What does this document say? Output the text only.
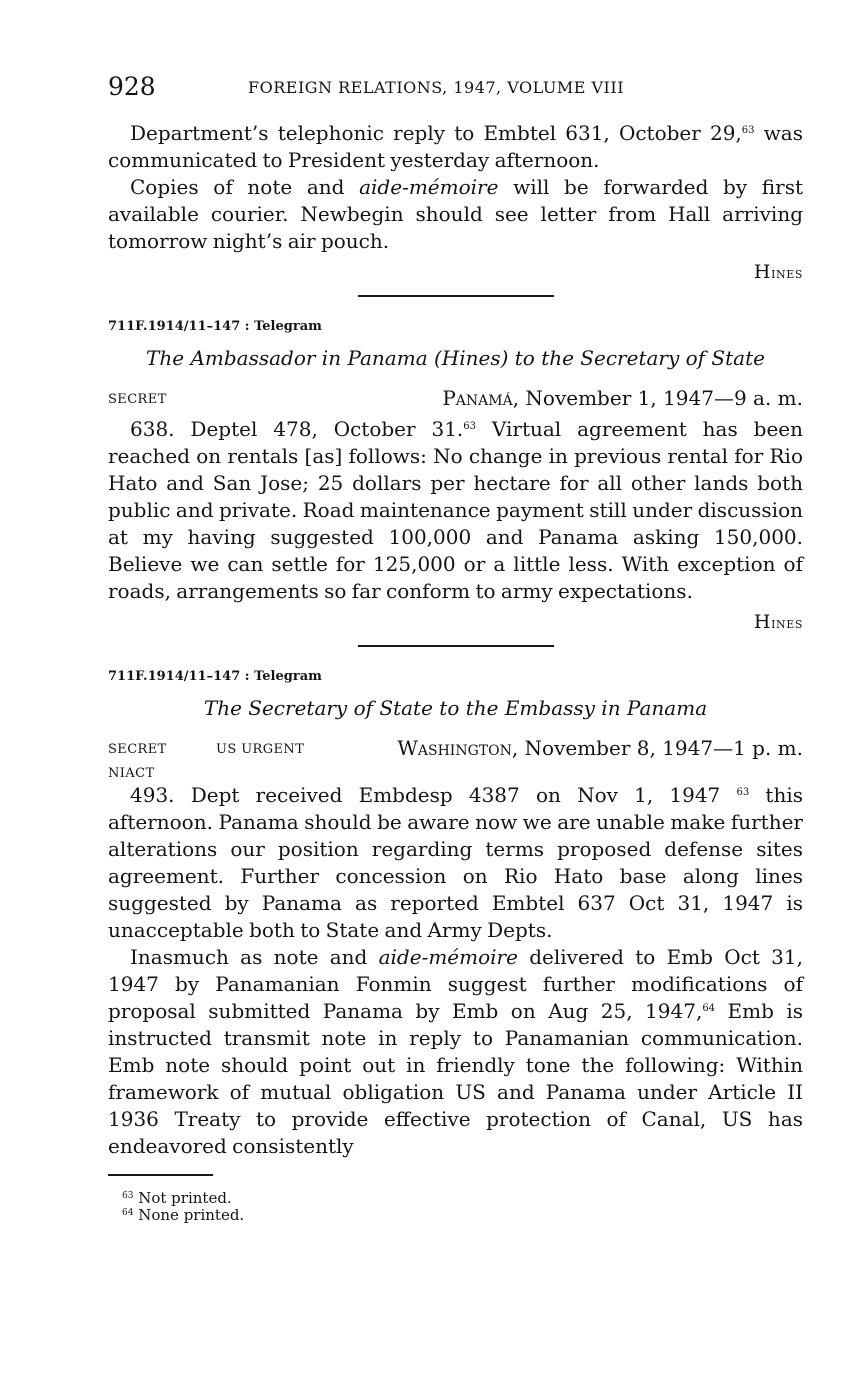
928	FOREIGN RELATIONS, 1947, VOLUME VIII

Department’s telephonic reply to Embtel 631, October 29,63 was communicated to President yesterday afternoon.

Copies of note and aide-mémoire will be forwarded by first available courier. Newbegin should see letter from Hall arriving tomorrow night’s air pouch.

Hines
711F.1914/11–147 : Telegram
The Ambassador in Panama (Hines) to the Secretary of State
SECRET	Panamá, November 1, 1947—9 a. m.

638. Deptel 478, October 31.63 Virtual agreement has been reached on rentals [as] follows: No change in previous rental for Rio Hato and San Jose; 25 dollars per hectare for all other lands both public and private. Road maintenance payment still under discussion at my having suggested 100,000 and Panama asking 150,000. Believe we can settle for 125,000 or a little less. With exception of roads, arrangements so far conform to army expectations.

Hines
711F.1914/11–147 : Telegram
The Secretary of State to the Embassy in Panama
SECRET
NIACT
US URGENT	Washington, November 8, 1947—1 p. m.

493. Dept received Embdesp 4387 on Nov 1, 1947 $^{63}$ this afternoon. Panama should be aware now we are unable make further alterations our position regarding terms proposed defense sites agreement. Further concession on Rio Hato base along lines suggested by Panama as reported Embtel 637 Oct 31, 1947 is unacceptable both to State and Army Depts.

Inasmuch as note and aide-mémoire delivered to Emb Oct 31, 1947 by Panamanian Fonmin suggest further modifications of proposal submitted Panama by Emb on Aug 25, 1947,64 Emb is instructed transmit note in reply to Panamanian communication. Emb note should point out in friendly tone the following: Within framework of mutual obligation US and Panama under Article II 1936 Treaty to provide effective protection of Canal, US has endeavored consistently

$^{63}$ Not printed.
$^{64}$ None printed.
